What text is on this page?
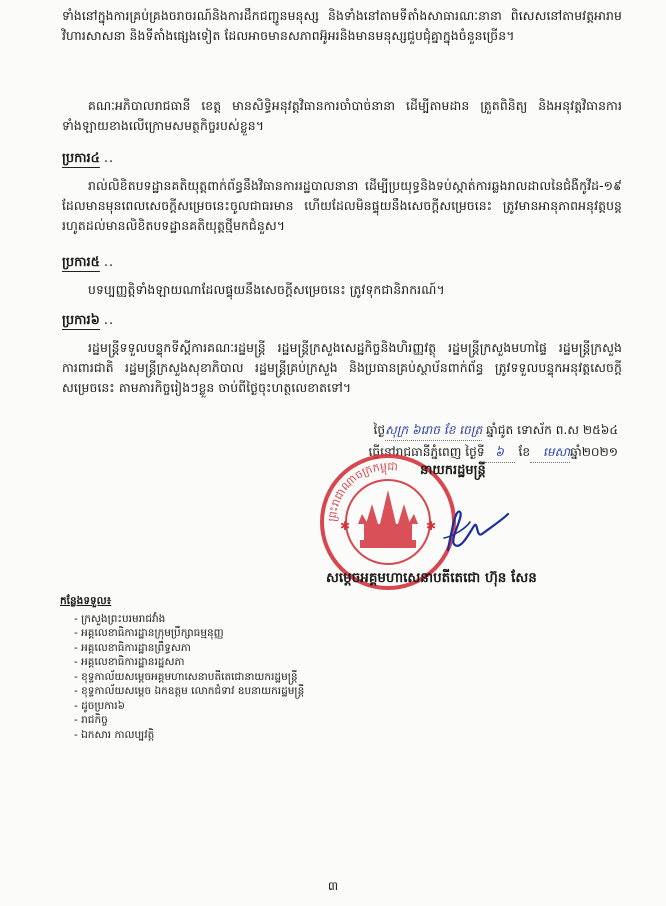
ទាំងនៅក្នុងការគ្រប់គ្រងចរាចរណ៍និងការដឹកជញ្ជូនមនុស្ស និងទាំងនៅតាមទីតាំងសាធារណៈនានា ពិសេសនៅតាមវត្តអារាម វិហារសាសនា និងទីតាំងផ្សេងទៀត ដែលអាចមានសភាពអ៊ូអរនិងមានមនុស្សជួបជុំគ្នាក្នុងចំនួនច្រើន។

គណៈអភិបាលរាជធានី ខេត្ត មានសិទ្ធិអនុវត្តវិធានការចាំបាច់នានា ដើម្បីតាមដាន ត្រួតពិនិត្យ និងអនុវត្តវិធានការទាំងឡាយខាងលើក្រោមសមត្ថកិច្ចរបស់ខ្លួន។

ប្រការ៤ ..

រាល់លិខិតបទដ្ឋានគតិយុត្តពាក់ព័ន្ធនឹងវិធានការរដ្ឋបាលនានា ដើម្បីប្រយុទ្ធនិងទប់ស្កាត់ការឆ្លងរាលដាលនៃជំងឺកូវីដ-១៩ ដែលមានមុនពេលសេចក្ដីសម្រេចនេះចូលជាធរមាន ហើយដែលមិនផ្ទុយនឹងសេចក្ដីសម្រេចនេះ ត្រូវមានអានុភាពអនុវត្តបន្តរហូតដល់មានលិខិតបទដ្ឋានគតិយុត្តថ្មីមកជំនួស។

ប្រការ៥ ..

បទប្បញ្ញត្តិទាំងឡាយណាដែលផ្ទុយនឹងសេចក្ដីសម្រេចនេះ ត្រូវទុកជានិរាករណ៍។

ប្រការ៦ ..

រដ្ឋមន្ត្រីទទួលបន្ទុកទីស្ដីការគណៈរដ្ឋមន្ត្រី រដ្ឋមន្ត្រីក្រសួងសេដ្ឋកិច្ចនិងហិរញ្ញវត្ថុ រដ្ឋមន្ត្រីក្រសួងមហាផ្ទៃ រដ្ឋមន្ត្រីក្រសួងការពារជាតិ រដ្ឋមន្ត្រីក្រសួងសុខាភិបាល រដ្ឋមន្ត្រីគ្រប់ក្រសួង និងប្រធានគ្រប់ស្ថាប័នពាក់ព័ន្ធ ត្រូវទទួលបន្ទុកអនុវត្តសេចក្ដីសម្រេចនេះ តាមភារកិច្ចរៀងៗខ្លួន ចាប់ពីថ្ងៃចុះហត្ថលេខាតទៅ។

ថ្ងៃសុក្រ ៦រោច ខែ ចេត្រ ឆ្នាំជូត ទោស័ក ព.ស ២៥៦៤
ធ្វើនៅរាជធានីភ្នំពេញ ថ្ងៃទី ៦ ខែ មេសាឆ្នាំ២០២១
ព្រះរាជាណាចក្រកម្ពុជា
✱	✱
នាយករដ្ឋមន្ត្រី
សម្តេចអគ្គមហាសេនាបតីតេជោ ហ៊ុន សែន
កន្លែងទទួល៖
- ក្រសួងព្រះបរមរាជវាំង
- អគ្គលេខាធិការដ្ឋានក្រុមប្រឹក្សាធម្មនុញ្ញ
- អគ្គលេខាធិការដ្ឋានព្រឹទ្ធសភា
- អគ្គលេខាធិការដ្ឋានរដ្ឋសភា
- ខុទ្ទកាល័យសម្តេចអគ្គមហាសេនាបតីតេជោនាយករដ្ឋមន្ត្រី
- ខុទ្ទកាល័យសម្តេច ឯកឧត្តម លោកជំទាវ ឧបនាយករដ្ឋមន្ត្រី
- ដូចប្រការ៦
- រាជកិច្ច
- ឯកសារ កាលប្បវត្តិ
៣
